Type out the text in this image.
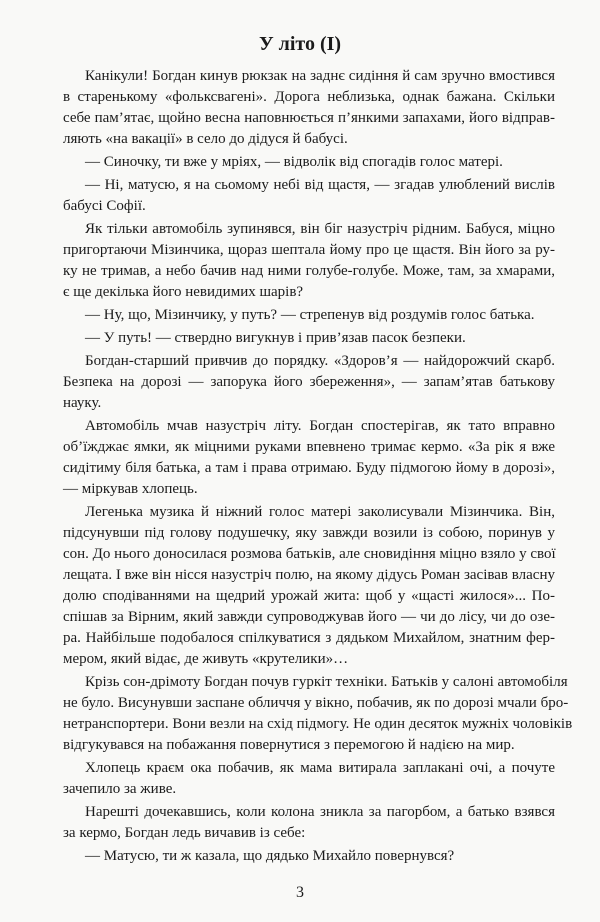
У літо (І)
Канікули! Богдан кинув рюкзак на заднє сидіння й сам зручно вмостився
в старенькому «фольксвагені». Дорога неблизька, однак бажана. Скільки
себе пам’ятає, щойно весна наповнюється п’янкими запахами, його відправ-
ляють «на вакації» в село до дідуся й бабусі.
— Синочку, ти вже у мріях, — відволік від спогадів голос матері.
— Ні, матусю, я на сьомому небі від щастя, — згадав улюблений вислів
бабусі Софії.
Як тільки автомобіль зупинявся, він біг назустріч рідним. Бабуся, міцно
пригортаючи Мізинчика, щораз шептала йому про це щастя. Він його за ру-
ку не тримав, а небо бачив над ними голубе-голубе. Може, там, за хмарами,
є ще декілька його невидимих шарів?
— Ну, що, Мізинчику, у путь? — стрепенув від роздумів голос батька.
— У путь! — ствердно вигукнув і прив’язав пасок безпеки.
Богдан-старший привчив до порядку. «Здоров’я — найдорожчий скарб.
Безпека на дорозі — запорука його збереження», — запам’ятав батькову
науку.
Автомобіль мчав назустріч літу. Богдан спостерігав, як тато вправно
об’їжджає ямки, як міцними руками впевнено тримає кермо. «За рік я вже
сидітиму біля батька, а там і права отримаю. Буду підмогою йому в дорозі»,
— міркував хлопець.
Легенька музика й ніжний голос матері заколисували Мізинчика. Він,
підсунувши під голову подушечку, яку завжди возили із собою, поринув у
сон. До нього доносилася розмова батьків, але сновидіння міцно взяло у свої
лещата. І вже він нісся назустріч полю, на якому дідусь Роман засівав власну
долю сподіваннями на щедрий урожай жита: щоб у «щасті жилося»... По-
спішав за Вірним, який завжди супроводжував його — чи до лісу, чи до озе-
ра. Найбільше подобалося спілкуватися з дядьком Михайлом, знатним фер-
мером, який відає, де живуть «крутелики»…
Крізь сон-дрімоту Богдан почув гуркіт техніки. Батьків у салоні автомобіля
не було. Висунувши заспане обличчя у вікно, побачив, як по дорозі мчали бро-
нетранспортери. Вони везли на схід підмогу. Не один десяток мужніх чоловіків
відгукувався на побажання повернутися з перемогою й надією на мир.
Хлопець краєм ока побачив, як мама витирала заплакані очі, а почуте
зачепило за живе.
Нарешті дочекавшись, коли колона зникла за пагорбом, а батько взявся
за кермо, Богдан ледь вичавив із себе:
— Матусю, ти ж казала, що дядько Михайло повернувся?
3
